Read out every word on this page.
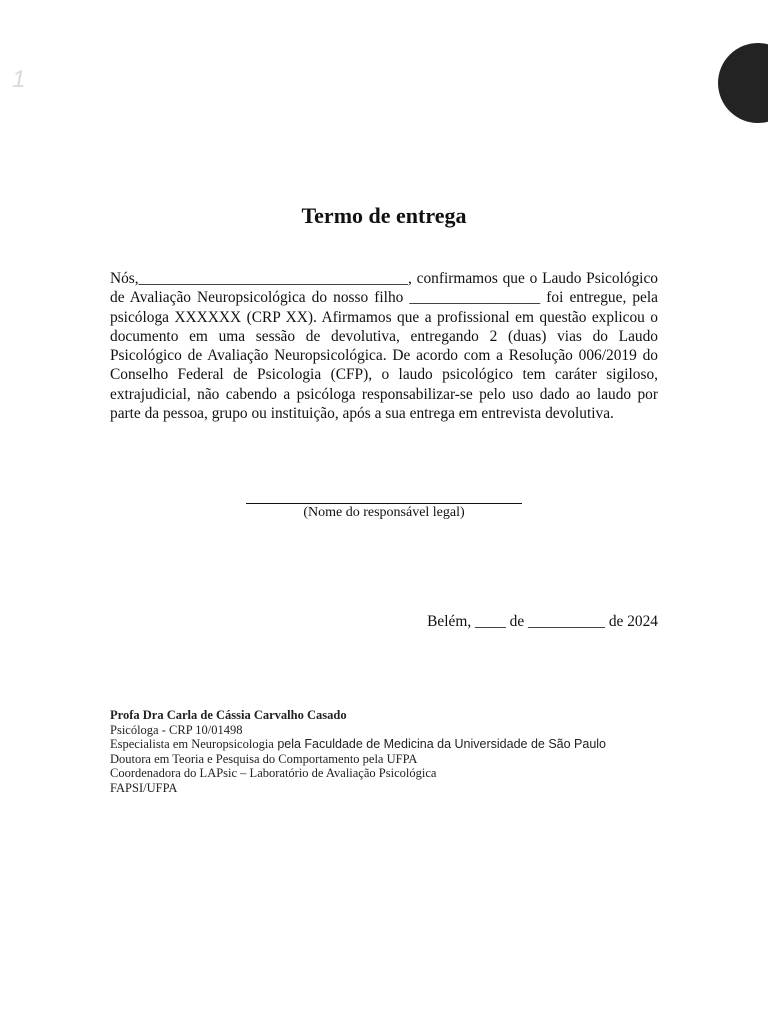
1
Termo de entrega

Nós,___________________________________, confirmamos que o Laudo Psicológico de Avaliação Neuropsicológica do nosso filho _________________ foi entregue, pela psicóloga XXXXXX (CRP XX). Afirmamos que a profissional em questão explicou o documento em uma sessão de devolutiva, entregando 2 (duas) vias do Laudo Psicológico de Avaliação Neuropsicológica. De acordo com a Resolução 006/2019 do Conselho Federal de Psicologia (CFP), o laudo psicológico tem caráter sigiloso, extrajudicial, não cabendo a psicóloga responsabilizar-se pelo uso dado ao laudo por parte da pessoa, grupo ou instituição, após a sua entrega em entrevista devolutiva.

(Nome do responsável legal)
Belém, ____ de __________ de 2024
Profa Dra Carla de Cássia Carvalho Casado
Psicóloga - CRP 10/01498
Especialista em Neuropsicologia pela Faculdade de Medicina da Universidade de São Paulo
Doutora em Teoria e Pesquisa do Comportamento pela UFPA
Coordenadora do LAPsic – Laboratório de Avaliação Psicológica
FAPSI/UFPA
